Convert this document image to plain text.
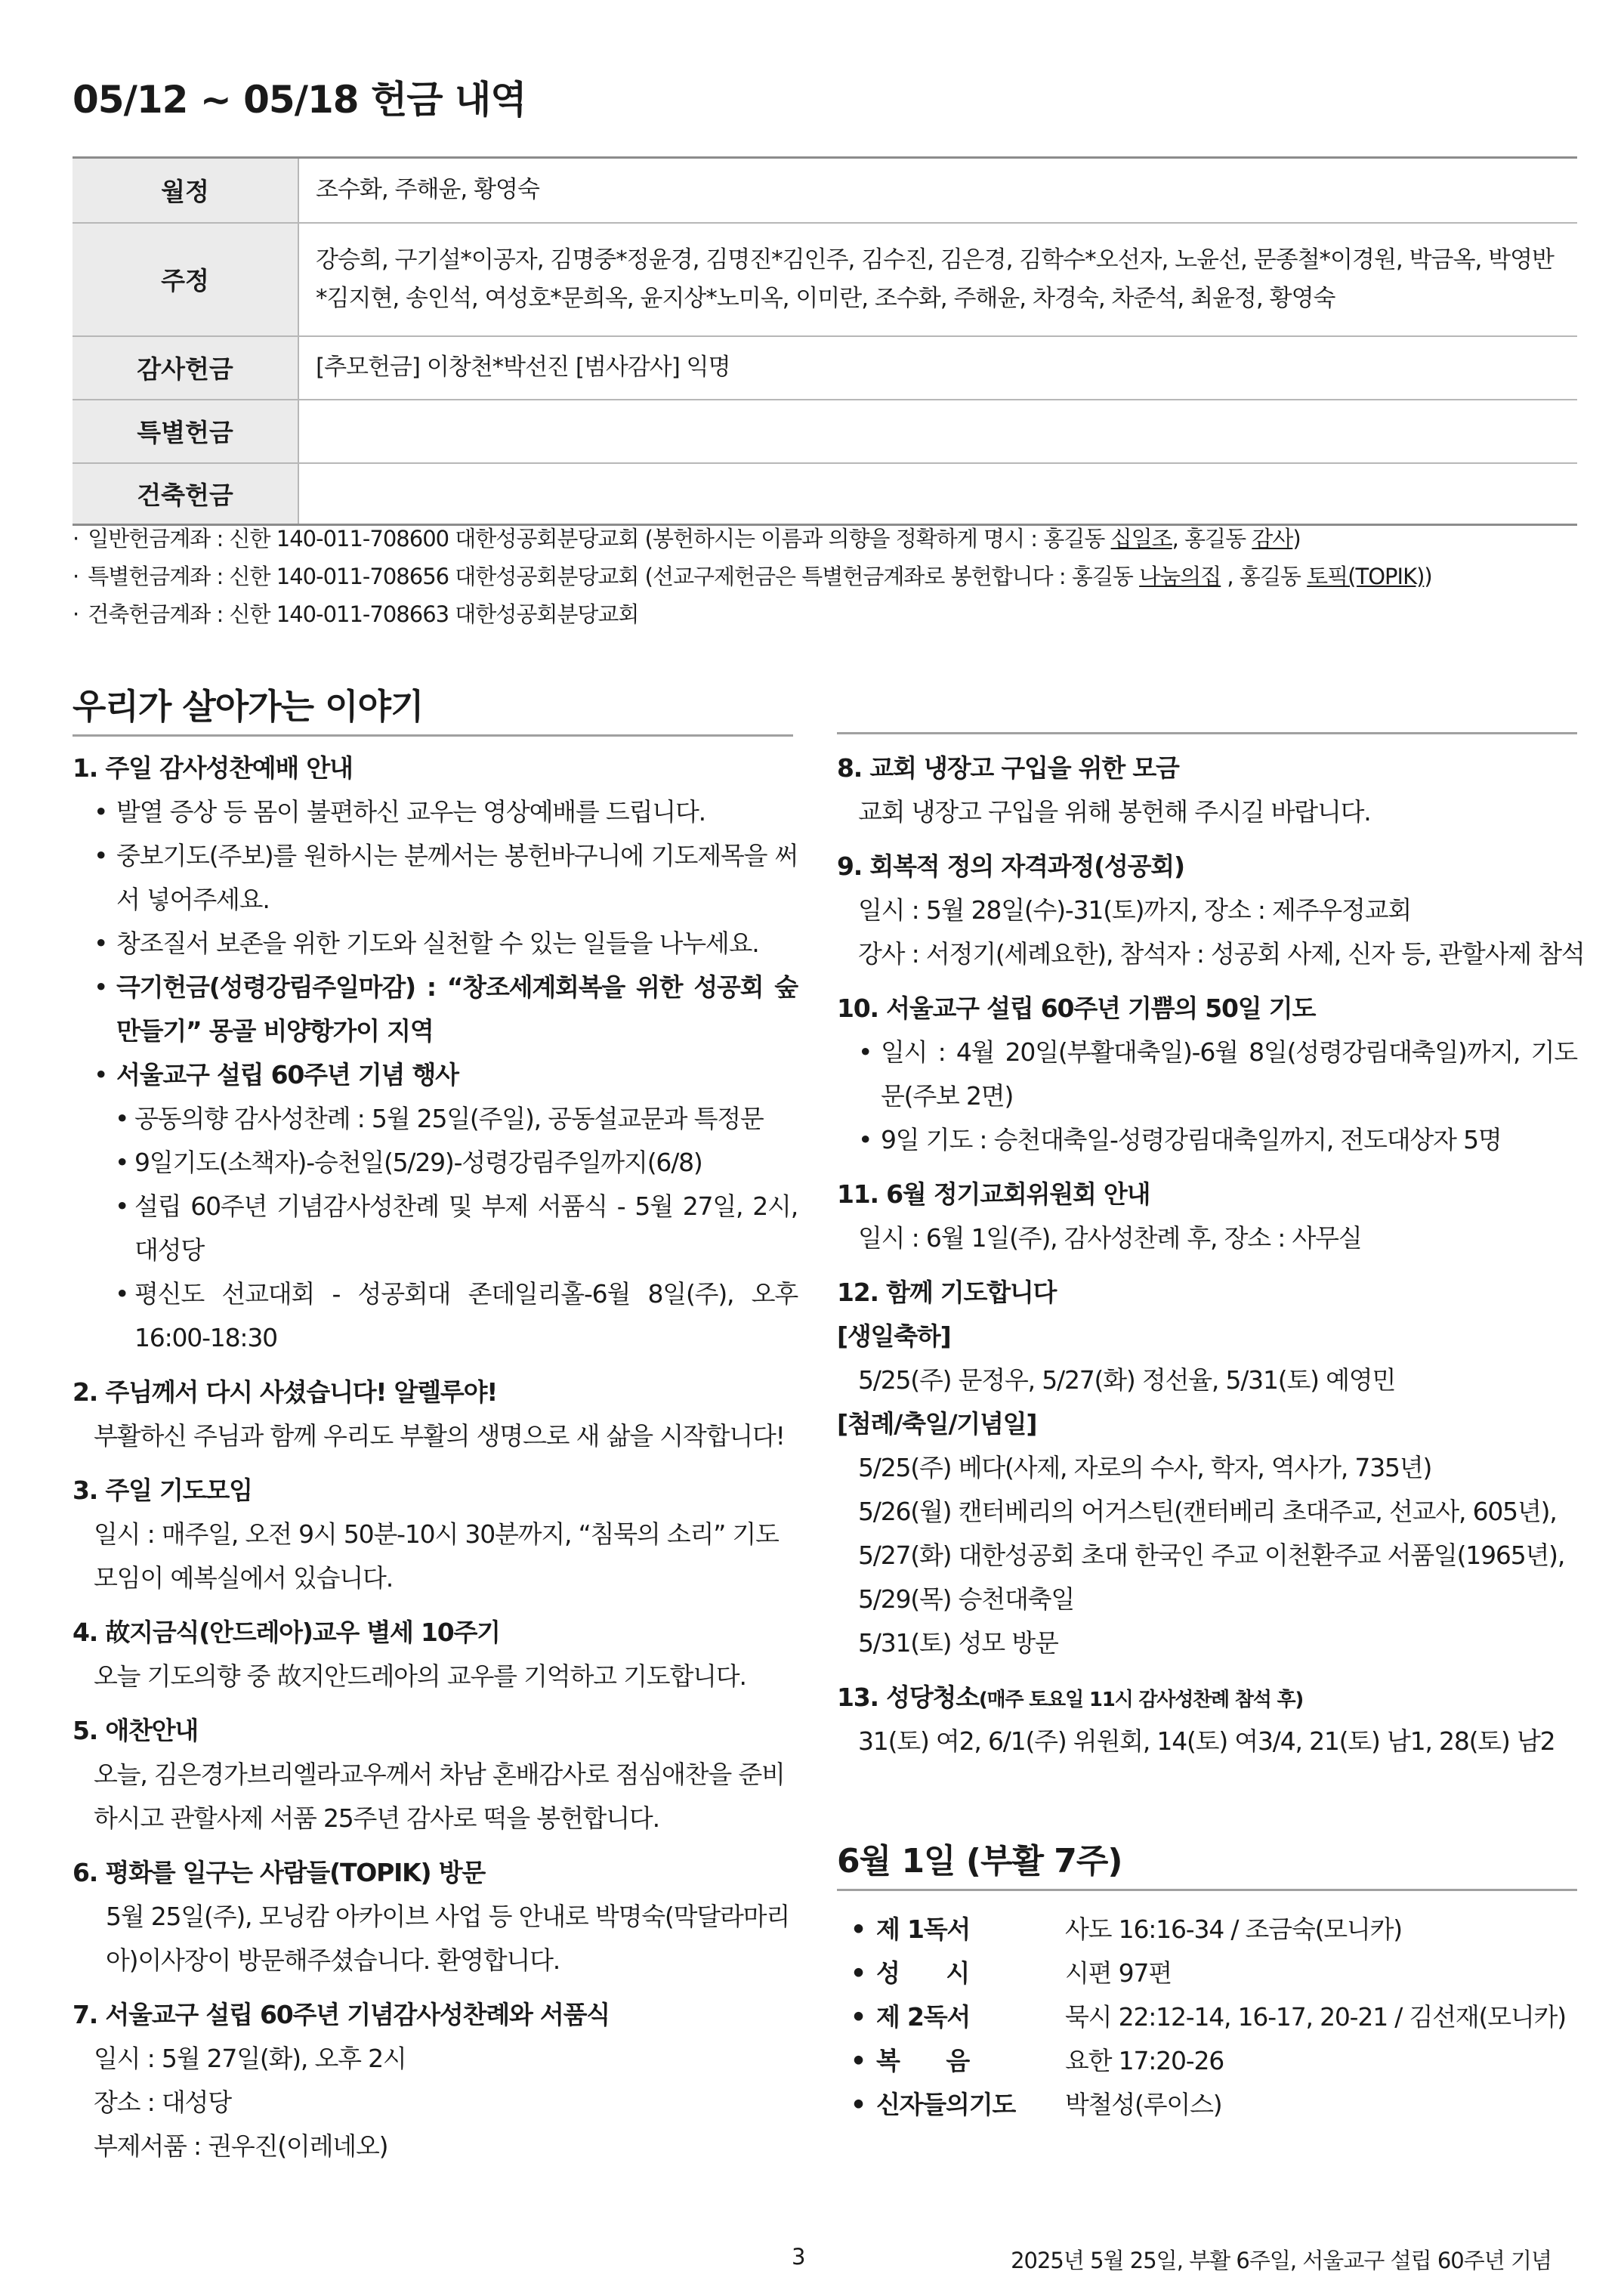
05/12 ~ 05/18 헌금 내역
월정	조수화, 주해윤, 황영숙
주정	강승희, 구기설*이공자, 김명중*정윤경, 김명진*김인주, 김수진, 김은경, 김학수*오선자, 노윤선, 문종철*이경원, 박금옥, 박영반*김지현, 송인석, 여성호*문희옥, 윤지상*노미옥, 이미란, 조수화, 주해윤, 차경숙, 차준석, 최윤정, 황영숙
감사헌금	[추모헌금] 이창천*박선진 [범사감사] 익명
특별헌금	
건축헌금	
· 일반헌금계좌 : 신한 140-011-708600 대한성공회분당교회 (봉헌하시는 이름과 의향을 정확하게 명시 : 홍길동 십일조, 홍길동 감사)
· 특별헌금계좌 : 신한 140-011-708656 대한성공회분당교회 (선교구제헌금은 특별헌금계좌로 봉헌합니다 : 홍길동 나눔의집 , 홍길동 토픽(TOPIK))
· 건축헌금계좌 : 신한 140-011-708663 대한성공회분당교회
우리가 살아가는 이야기
1. 주일 감사성찬예배 안내
• 발열 증상 등 몸이 불편하신 교우는 영상예배를 드립니다.
• 중보기도(주보)를 원하시는 분께서는 봉헌바구니에 기도제목을 써서 넣어주세요.
• 창조질서 보존을 위한 기도와 실천할 수 있는 일들을 나누세요.
• 극기헌금(성령강림주일마감) : “창조세계회복을 위한 성공회 숲 만들기” 몽골 비양항가이 지역
• 서울교구 설립 60주년 기념 행사
• 공동의향 감사성찬례 : 5월 25일(주일), 공동설교문과 특정문
• 9일기도(소책자)-승천일(5/29)-성령강림주일까지(6/8)
• 설립 60주년 기념감사성찬례 및 부제 서품식 - 5월 27일, 2시, 대성당
• 평신도 선교대회 - 성공회대 존데일리홀-6월 8일(주), 오후 16:00-18:30
2. 주님께서 다시 사셨습니다! 알렐루야!
부활하신 주님과 함께 우리도 부활의 생명으로 새 삶을 시작합니다!
3. 주일 기도모임
일시 : 매주일, 오전 9시 50분-10시 30분까지, “침묵의 소리” 기도모임이 예복실에서 있습니다.
4. 故지금식(안드레아)교우 별세 10주기
오늘 기도의향 중 故지안드레아의 교우를 기억하고 기도합니다.
5. 애찬안내
오늘, 김은경가브리엘라교우께서 차남 혼배감사로 점심애찬을 준비하시고 관할사제 서품 25주년 감사로 떡을 봉헌합니다.
6. 평화를 일구는 사람들(TOPIK) 방문
5월 25일(주), 모닝캄 아카이브 사업 등 안내로 박명숙(막달라마리아)이사장이 방문해주셨습니다. 환영합니다.
7. 서울교구 설립 60주년 기념감사성찬례와 서품식
일시 : 5월 27일(화), 오후 2시
장소 : 대성당
부제서품 : 권우진(이레네오)
8. 교회 냉장고 구입을 위한 모금
교회 냉장고 구입을 위해 봉헌해 주시길 바랍니다.
9. 회복적 정의 자격과정(성공회)
일시 : 5월 28일(수)-31(토)까지, 장소 : 제주우정교회
강사 : 서정기(세례요한), 참석자 : 성공회 사제, 신자 등, 관할사제 참석
10. 서울교구 설립 60주년 기쁨의 50일 기도
• 일시 : 4월 20일(부활대축일)-6월 8일(성령강림대축일)까지, 기도문(주보 2면)
• 9일 기도 : 승천대축일-성령강림대축일까지, 전도대상자 5명
11. 6월 정기교회위원회 안내
일시 : 6월 1일(주), 감사성찬례 후, 장소 : 사무실
12. 함께 기도합니다
[생일축하]
5/25(주) 문정우, 5/27(화) 정선율, 5/31(토) 예영민
[첨례/축일/기념일]
5/25(주) 베다(사제, 자로의 수사, 학자, 역사가, 735년)
5/26(월) 캔터베리의 어거스틴(캔터베리 초대주교, 선교사, 605년),
5/27(화) 대한성공회 초대 한국인 주교 이천환주교 서품일(1965년),
5/29(목) 승천대축일
5/31(토) 성모 방문
13. 성당청소(매주 토요일 11시 감사성찬례 참석 후)
31(토) 여2, 6/1(주) 위원회, 14(토) 여3/4, 21(토) 남1, 28(토) 남2
6월 1일 (부활 7주)
• 제 1독서	사도 16:16-34 / 조금숙(모니카)
• 성      시	시편 97편
• 제 2독서	묵시 22:12-14, 16-17, 20-21 / 김선재(모니카)
• 복      음	요한 17:20-26
• 신자들의기도 박철성(루이스)
3	2025년 5월 25일, 부활 6주일, 서울교구 설립 60주년 기념
